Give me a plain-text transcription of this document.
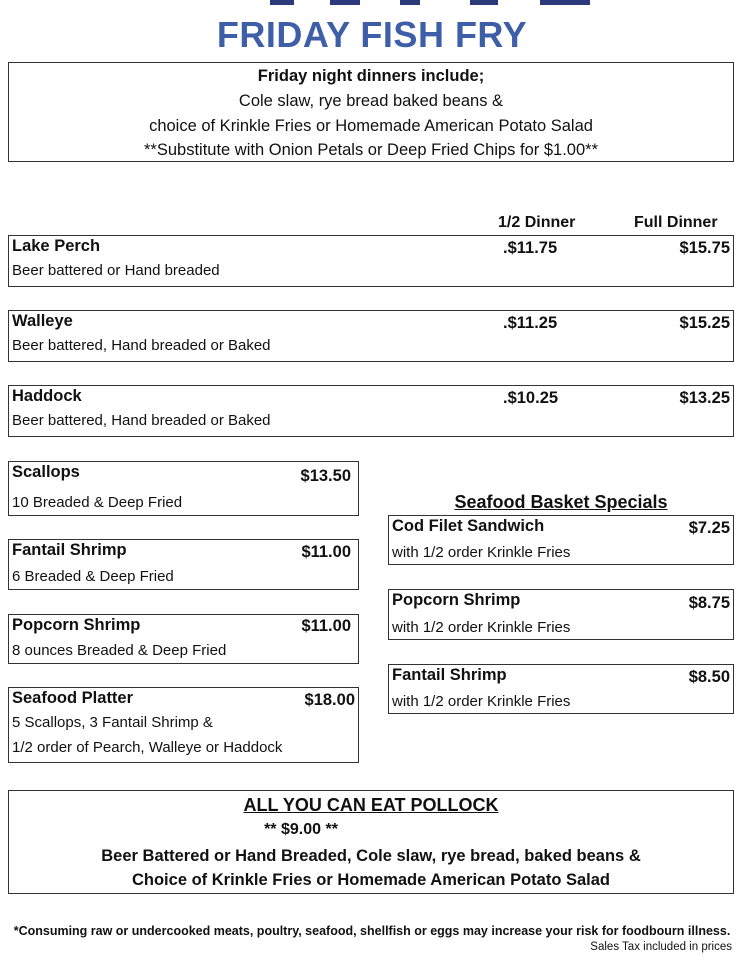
FRIDAY FISH FRY
Friday night dinners include;
Cole slaw, rye bread baked beans &
choice of Krinkle Fries or Homemade American Potato Salad
**Substitute with Onion Petals or Deep Fried Chips for $1.00**
1/2 Dinner	Full Dinner
Lake Perch
Beer battered or Hand breaded
.$11.75	$15.75
Walleye
Beer battered, Hand breaded or Baked
.$11.25	$15.25
Haddock
Beer battered, Hand breaded or Baked
.$10.25	$13.25
Scallops
10 Breaded & Deep Fried
$13.50
Fantail Shrimp
6 Breaded & Deep Fried
$11.00
Popcorn Shrimp
8 ounces Breaded & Deep Fried
$11.00
Seafood Platter
5 Scallops, 3 Fantail Shrimp &
1/2 order of Pearch, Walleye or Haddock
$18.00
Seafood Basket Specials
Cod Filet Sandwich
with 1/2 order Krinkle Fries
$7.25
Popcorn Shrimp
with 1/2 order Krinkle Fries
$8.75
Fantail Shrimp
with 1/2 order Krinkle Fries
$8.50
ALL YOU CAN EAT POLLOCK
** $9.00 **
Beer Battered or Hand Breaded, Cole slaw, rye bread, baked beans &
Choice of Krinkle Fries or Homemade American Potato Salad
*Consuming raw or undercooked meats, poultry, seafood, shellfish or eggs may increase your risk for foodbourn illness.
Sales Tax included in prices
